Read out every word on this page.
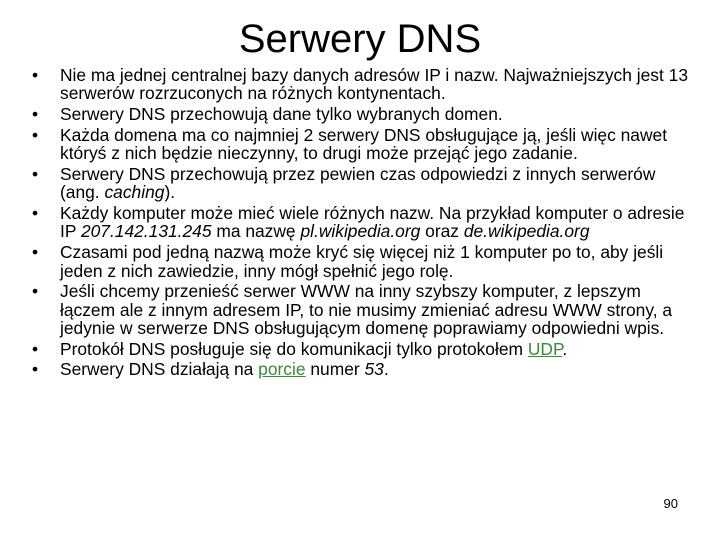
Serwery DNS
•	Nie ma jednej centralnej bazy danych adresów IP i nazw. Najważniejszych jest 13 serwerów rozrzuconych na różnych kontynentach.
•	Serwery DNS przechowują dane tylko wybranych domen.
•	Każda domena ma co najmniej 2 serwery DNS obsługujące ją, jeśli więc nawet któryś z nich będzie nieczynny, to drugi może przejąć jego zadanie.
•	Serwery DNS przechowują przez pewien czas odpowiedzi z innych serwerów (ang. caching).
•	Każdy komputer może mieć wiele różnych nazw. Na przykład komputer o adresie IP 207.142.131.245 ma nazwę pl.wikipedia.org oraz de.wikipedia.org
•	Czasami pod jedną nazwą może kryć się więcej niż 1 komputer po to, aby jeśli jeden z nich zawiedzie, inny mógł spełnić jego rolę.
•	Jeśli chcemy przenieść serwer WWW na inny szybszy komputer, z lepszym łączem ale z innym adresem IP, to nie musimy zmieniać adresu WWW strony, a jedynie w serwerze DNS obsługującym domenę poprawiamy odpowiedni wpis.
•	Protokół DNS posługuje się do komunikacji tylko protokołem UDP.
•	Serwery DNS działają na porcie numer 53.
90
